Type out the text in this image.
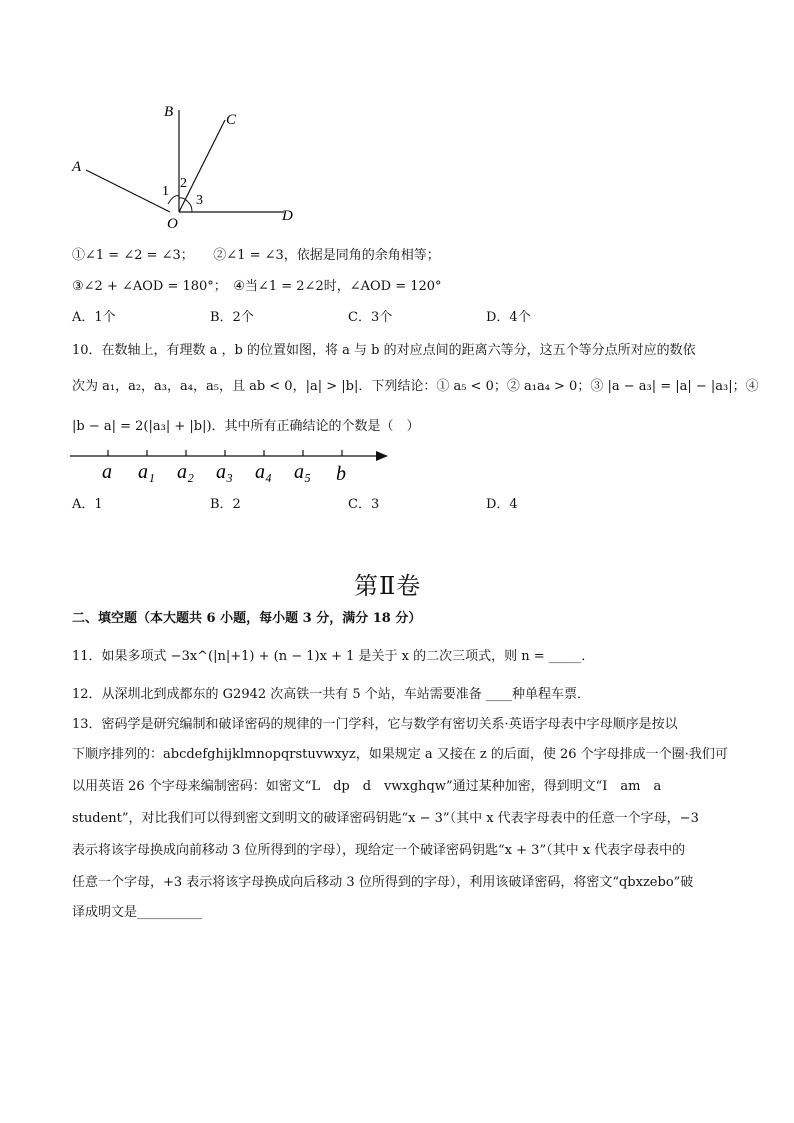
B	C
A
D
O
1
2
3
①∠1 = ∠2 = ∠3；　　②∠1 = ∠3，依据是同角的余角相等；
③∠2 + ∠AOD = 180°；　④当∠1 = 2∠2时，∠AOD = 120°
A．1个	B．2个	C．3个	D．4个
10．在数轴上，有理数 a ，b 的位置如图，将 a 与 b 的对应点间的距离六等分，这五个等分点所对应的数依
次为 a₁，a₂，a₃，a₄，a₅，且 ab < 0，|a| > |b|．下列结论：① a₅ < 0；② a₁a₄ > 0；③ |a − a₃| = |a| − |a₃|；④
|b − a| = 2(|a₃| + |b|)．其中所有正确结论的个数是（　）
a a₁ a₂ a₃ a₄ a₅ b
A．1	B．2	C．3	D．4
第Ⅱ卷
二、填空题（本大题共 6 小题，每小题 3 分，满分 18 分）
11．如果多项式 −3x^(|n|+1) + (n − 1)x + 1 是关于 x 的二次三项式，则 n = _____．
12．从深圳北到成都东的 G2942 次高铁一共有 5 个站，车站需要准备 ____种单程车票．
13．密码学是研究编制和破译密码的规律的一门学科，它与数学有密切关系·英语字母表中字母顺序是按以
下顺序排列的：abcdefghijklmnopqrstuvwxyz，如果规定 a 又接在 z 的后面，使 26 个字母排成一个圈·我们可
以用英语 26 个字母来编制密码：如密文“L　dp　d　vwxghqw”通过某种加密，得到明文“I　am　a
student”，对比我们可以得到密文到明文的破译密码钥匙“x − 3”（其中 x 代表字母表中的任意一个字母，−3
表示将该字母换成向前移动 3 位所得到的字母），现给定一个破译密码钥匙“x + 3”（其中 x 代表字母表中的
任意一个字母，+3 表示将该字母换成向后移动 3 位所得到的字母），利用该破译密码，将密文“qbxzebo”破
译成明文是__________
